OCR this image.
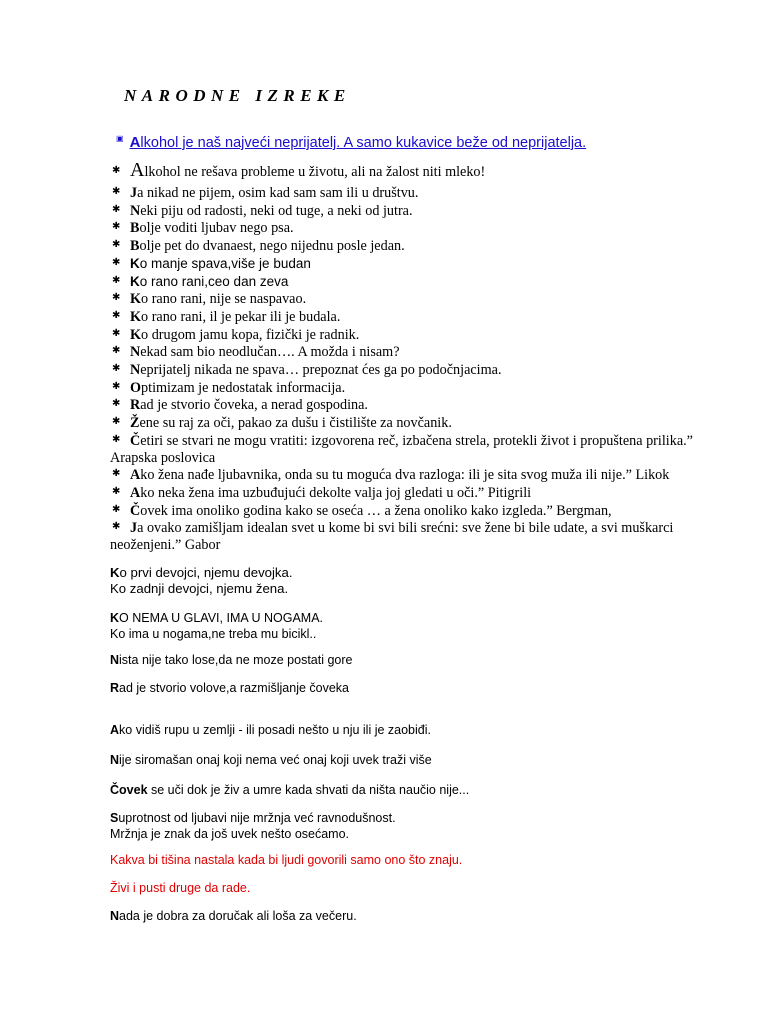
NARODNE IZREKE
▣ Alkohol je naš najveći neprijatelj. A samo kukavice beže od neprijatelja.
✱ Alkohol ne rešava probleme u životu, ali na žalost niti mleko!
✱ Ja nikad ne pijem, osim kad sam sam ili u društvu.
✱ Neki piju od radosti, neki od tuge, a neki od jutra.
✱ Bolje voditi ljubav nego psa.
✱ Bolje pet do dvanaest, nego nijednu posle jedan.
✱ Ko manje spava,više je budan
✱ Ko rano rani,ceo dan zeva
✱ Ko rano rani, nije se naspavao.
✱ Ko rano rani, il je pekar ili je budala.
✱ Ko drugom jamu kopa, fizički je radnik.
✱ Nekad sam bio neodlučan…. A možda i nisam?
✱ Neprijatelj nikada ne spava… prepoznat ćes ga po podočnjacima.
✱ Optimizam je nedostatak informacija.
✱ Rad je stvorio čoveka, a nerad gospodina.
✱ Žene su raj za oči, pakao za dušu i čistilište za novčanik.
✱ Četiri se stvari ne mogu vratiti: izgovorena reč, izbačena strela, protekli život i propuštena prilika.” Arapska poslovica
✱ Ako žena nađe ljubavnika, onda su tu moguća dva razloga: ili je sita svog muža ili nije.” Likok
✱ Ako neka žena ima uzbuđujući dekolte valja joj gledati u oči.” Pitigrili
✱ Čovek ima onoliko godina kako se oseća … a žena onoliko kako izgleda.” Bergman,
✱ Ja ovako zamišljam idealan svet u kome bi svi bili srećni: sve žene bi bile udate, a svi muškarci neoženjeni.” Gabor
Ko prvi devojci, njemu devojka.
Ko zadnji devojci, njemu žena.
KO NEMA U GLAVI, IMA U NOGAMA.
Ko ima u nogama,ne treba mu bicikl..
Nista nije tako lose,da ne moze postati gore
Rad je stvorio volove,a razmišljanje čoveka
Ako vidiš rupu u zemlji - ili posadi nešto u nju ili je zaobiđi.
Nije siromašan onaj koji nema već onaj koji uvek traži više
Čovek se uči dok je živ a umre kada shvati da ništa naučio nije...
Suprotnost od ljubavi nije mržnja već ravnodušnost.
Mržnja je znak da još uvek nešto osećamo.
Kakva bi tišina nastala kada bi ljudi govorili samo ono što znaju.
Živi i pusti druge da rade.
Nada je dobra za doručak ali loša za večeru.
